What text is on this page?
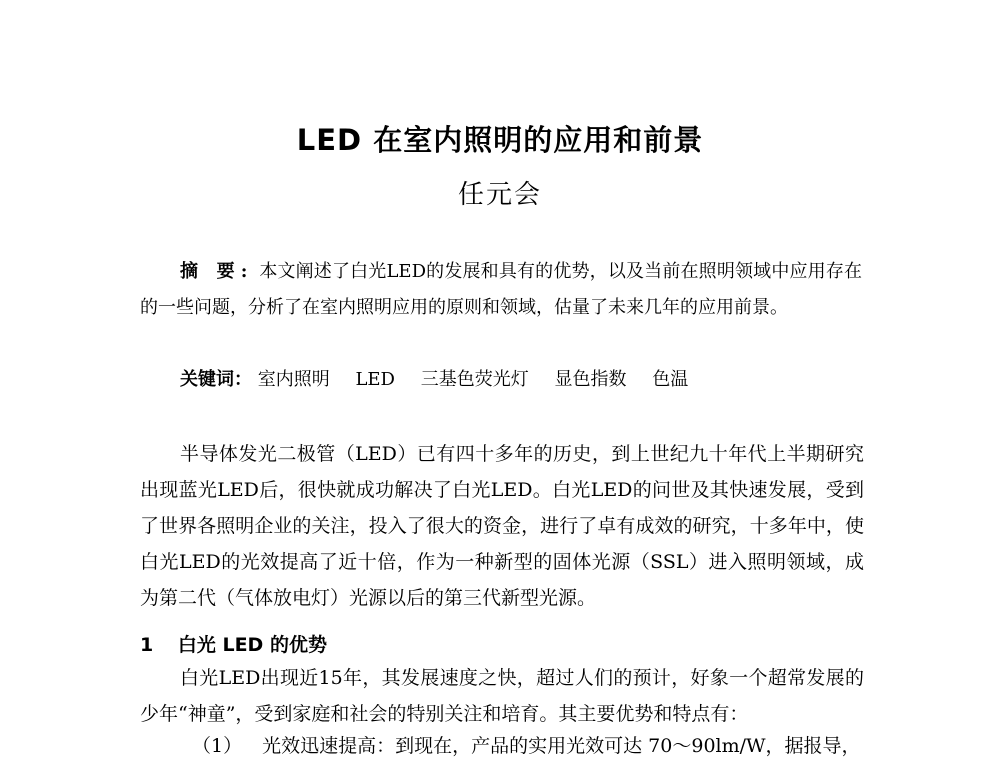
LED 在室内照明的应用和前景
任元会
摘 要: 本文阐述了白光LED的发展和具有的优势，以及当前在照明领域中应用存在的一些问题，分析了在室内照明应用的原则和领域，估量了未来几年的应用前景。
关键词： 室内照明 LED 三基色荧光灯 显色指数 色温

半导体发光二极管（LED）已有四十多年的历史，到上世纪九十年代上半期研究出现蓝光LED后，很快就成功解决了白光LED。白光LED的问世及其快速发展，受到了世界各照明企业的关注，投入了很大的资金，进行了卓有成效的研究，十多年中，使白光LED的光效提高了近十倍，作为一种新型的固体光源（SSL）进入照明领域，成为第二代（气体放电灯）光源以后的第三代新型光源。

1 白光 LED 的优势

白光LED出现近15年，其发展速度之快，超过人们的预计，好象一个超常发展的少年“神童”，受到家庭和社会的特别关注和培育。其主要优势和特点有：

（1） 光效迅速提高：到现在，产品的实用光效可达 70～90lm/W，据报导，
